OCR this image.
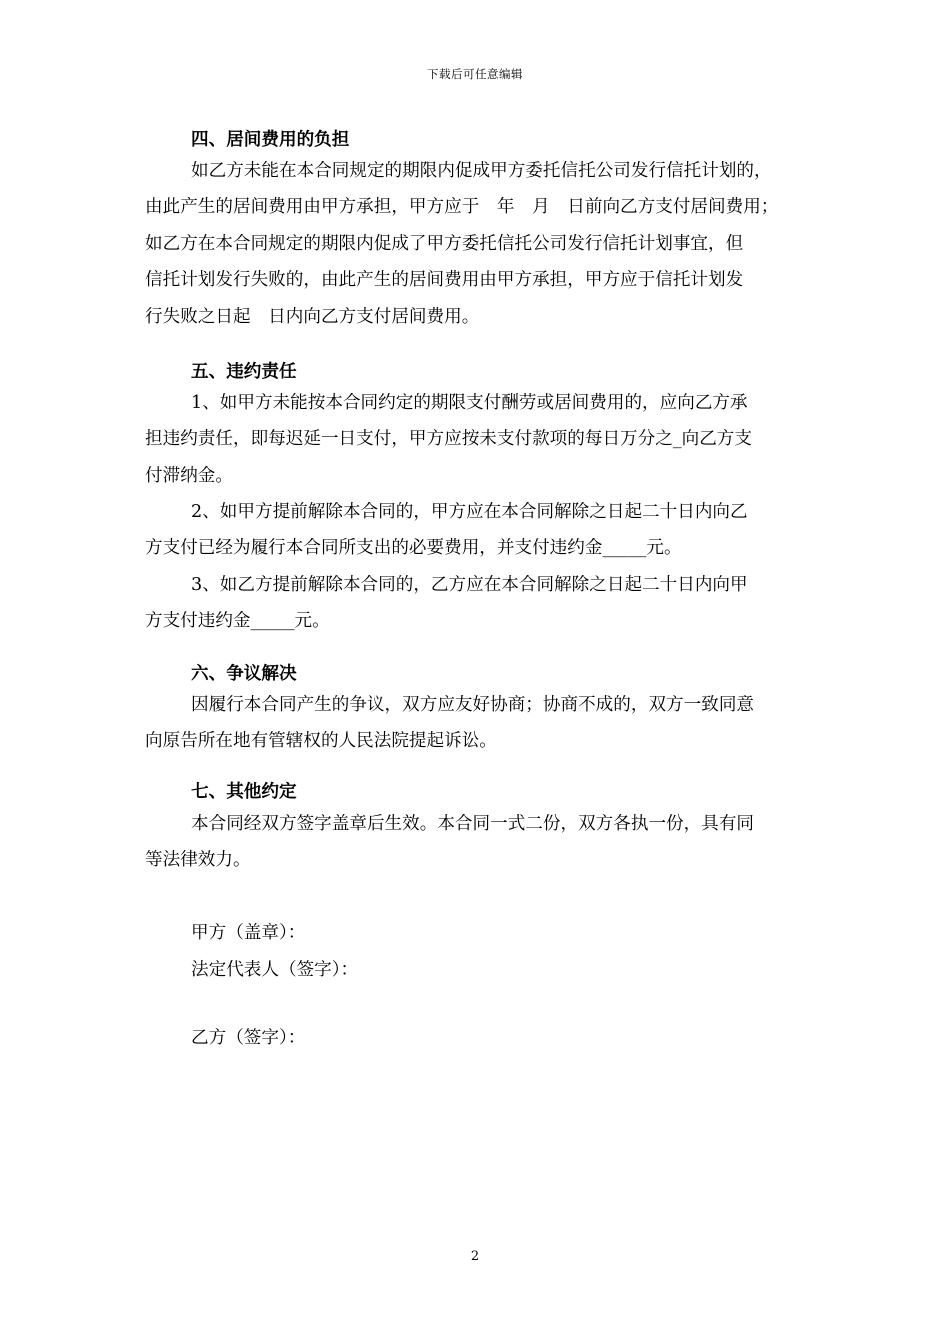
下载后可任意编辑
四、居间费用的负担
如乙方未能在本合同规定的期限内促成甲方委托信托公司发行信托计划的，
由此产生的居间费用由甲方承担，甲方应于　年　月　日前向乙方支付居间费用；
如乙方在本合同规定的期限内促成了甲方委托信托公司发行信托计划事宜，但
信托计划发行失败的，由此产生的居间费用由甲方承担，甲方应于信托计划发
行失败之日起　日内向乙方支付居间费用。
五、违约责任
1、如甲方未能按本合同约定的期限支付酬劳或居间费用的，应向乙方承
担违约责任，即每迟延一日支付，甲方应按未支付款项的每日万分之_向乙方支
付滞纳金。
2、如甲方提前解除本合同的，甲方应在本合同解除之日起二十日内向乙
方支付已经为履行本合同所支出的必要费用，并支付违约金_____元。
3、如乙方提前解除本合同的，乙方应在本合同解除之日起二十日内向甲
方支付违约金_____元。
六、争议解决
因履行本合同产生的争议，双方应友好协商；协商不成的，双方一致同意
向原告所在地有管辖权的人民法院提起诉讼。
七、其他约定
本合同经双方签字盖章后生效。本合同一式二份，双方各执一份，具有同
等法律效力。
甲方（盖章）：
法定代表人（签字）：
乙方（签字）：
2
